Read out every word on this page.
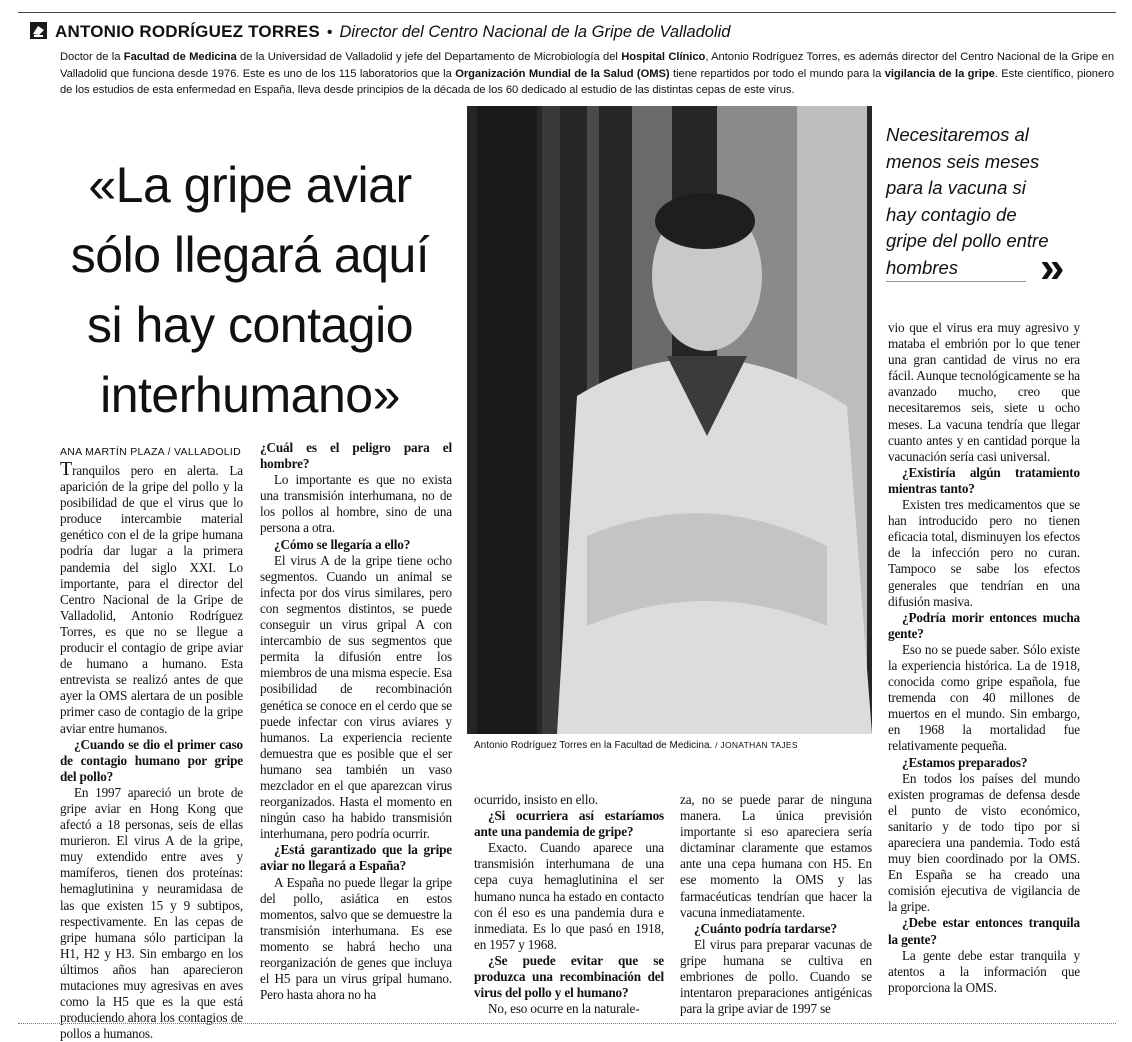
ANTONIO RODRÍGUEZ TORRES • Director del Centro Nacional de la Gripe de Valladolid
Doctor de la Facultad de Medicina de la Universidad de Valladolid y jefe del Departamento de Microbiología del Hospital Clínico, Antonio Rodríguez Torres, es además director del Centro Nacional de la Gripe en Valladolid que funciona desde 1976. Este es uno de los 115 laboratorios que la Organización Mundial de la Salud (OMS) tiene repartidos por todo el mundo para la vigilancia de la gripe. Este científico, pionero de los estudios de esta enfermedad en España, lleva desde principios de la década de los 60 dedicado al estudio de las distintas cepas de este virus.
«La gripe aviar
sólo llegará aquí
si hay contagio
interhumano»
Antonio Rodríguez Torres en la Facultad de Medicina. / JONATHAN TAJES
Necesitaremos al
menos seis meses
para la vacuna si
hay contagio de
gripe del pollo entre
hombres	»
ANA MARTÍN PLAZA / VALLADOLID

Tranquilos pero en alerta. La aparición de la gripe del pollo y la posibilidad de que el virus que lo produce intercambie material genético con el de la gripe humana podría dar lugar a la primera pandemia del siglo XXI. Lo importante, para el director del Centro Nacional de la Gripe de Valladolid, Antonio Rodríguez Torres, es que no se llegue a producir el contagio de gripe aviar de humano a humano. Esta entrevista se realizó antes de que ayer la OMS alertara de un posible primer caso de contagio de la gripe aviar entre humanos.

¿Cuando se dio el primer caso de contagio humano por gripe del pollo?

En 1997 apareció un brote de gripe aviar en Hong Kong que afectó a 18 personas, seis de ellas murieron. El virus A de la gripe, muy extendido entre aves y mamíferos, tienen dos proteínas: hemaglutinina y neuramidasa de las que existen 15 y 9 subtipos, respectivamente. En las cepas de gripe humana sólo participan la H1, H2 y H3. Sin embargo en los últimos años han aparecieron mutaciones muy agresivas en aves como la H5 que es la que está produciendo ahora los contagios de pollos a humanos.

¿Cuál es el peligro para el hombre?

Lo importante es que no exista una transmisión interhumana, no de los pollos al hombre, sino de una persona a otra.

¿Cómo se llegaría a ello?

El virus A de la gripe tiene ocho segmentos. Cuando un animal se infecta por dos virus similares, pero con segmentos distintos, se puede conseguir un virus gripal A con intercambio de sus segmentos que permita la difusión entre los miembros de una misma especie. Esa posibilidad de recombinación genética se conoce en el cerdo que se puede infectar con virus aviares y humanos. La experiencia reciente demuestra que es posible que el ser humano sea también un vaso mezclador en el que aparezcan virus reorganizados. Hasta el momento en ningún caso ha habido transmisión interhumana, pero podría ocurrir.

¿Está garantizado que la gripe aviar no llegará a España?

A España no puede llegar la gripe del pollo, asiática en estos momentos, salvo que se demuestre la transmisión interhumana. Es ese momento se habrá hecho una reorganización de genes que incluya el H5 para un virus gripal humano. Pero hasta ahora no ha

ocurrido, insisto en ello.

¿Si ocurriera así estaríamos ante una pandemia de gripe?

Exacto. Cuando aparece una transmisión interhumana de una cepa cuya hemaglutinina el ser humano nunca ha estado en contacto con él eso es una pandemia dura e inmediata. Es lo que pasó en 1918, en 1957 y 1968.

¿Se puede evitar que se produzca una recombinación del virus del pollo y el humano?

No, eso ocurre en la naturale-

za, no se puede parar de ninguna manera. La única previsión importante si eso apareciera sería dictaminar claramente que estamos ante una cepa humana con H5. En ese momento la OMS y las farmacéuticas tendrían que hacer la vacuna inmediatamente.

¿Cuánto podría tardarse?

El virus para preparar vacunas de gripe humana se cultiva en embriones de pollo. Cuando se intentaron preparaciones antigénicas para la gripe aviar de 1997 se

vio que el virus era muy agresivo y mataba el embrión por lo que tener una gran cantidad de virus no era fácil. Aunque tecnológicamente se ha avanzado mucho, creo que necesitaremos seis, siete u ocho meses. La vacuna tendría que llegar cuanto antes y en cantidad porque la vacunación sería casi universal.

¿Existiría algún tratamiento mientras tanto?

Existen tres medicamentos que se han introducido pero no tienen eficacia total, disminuyen los efectos de la infección pero no curan. Tampoco se sabe los efectos generales que tendrían en una difusión masiva.

¿Podría morir entonces mucha gente?

Eso no se puede saber. Sólo existe la experiencia histórica. La de 1918, conocida como gripe española, fue tremenda con 40 millones de muertos en el mundo. Sin embargo, en 1968 la mortalidad fue relativamente pequeña.

¿Estamos preparados?

En todos los países del mundo existen programas de defensa desde el punto de visto económico, sanitario y de todo tipo por si apareciera una pandemia. Todo está muy bien coordinado por la OMS. En España se ha creado una comisión ejecutiva de vigilancia de la gripe.

¿Debe estar entonces tranquila la gente?

La gente debe estar tranquila y atentos a la información que proporciona la OMS.
